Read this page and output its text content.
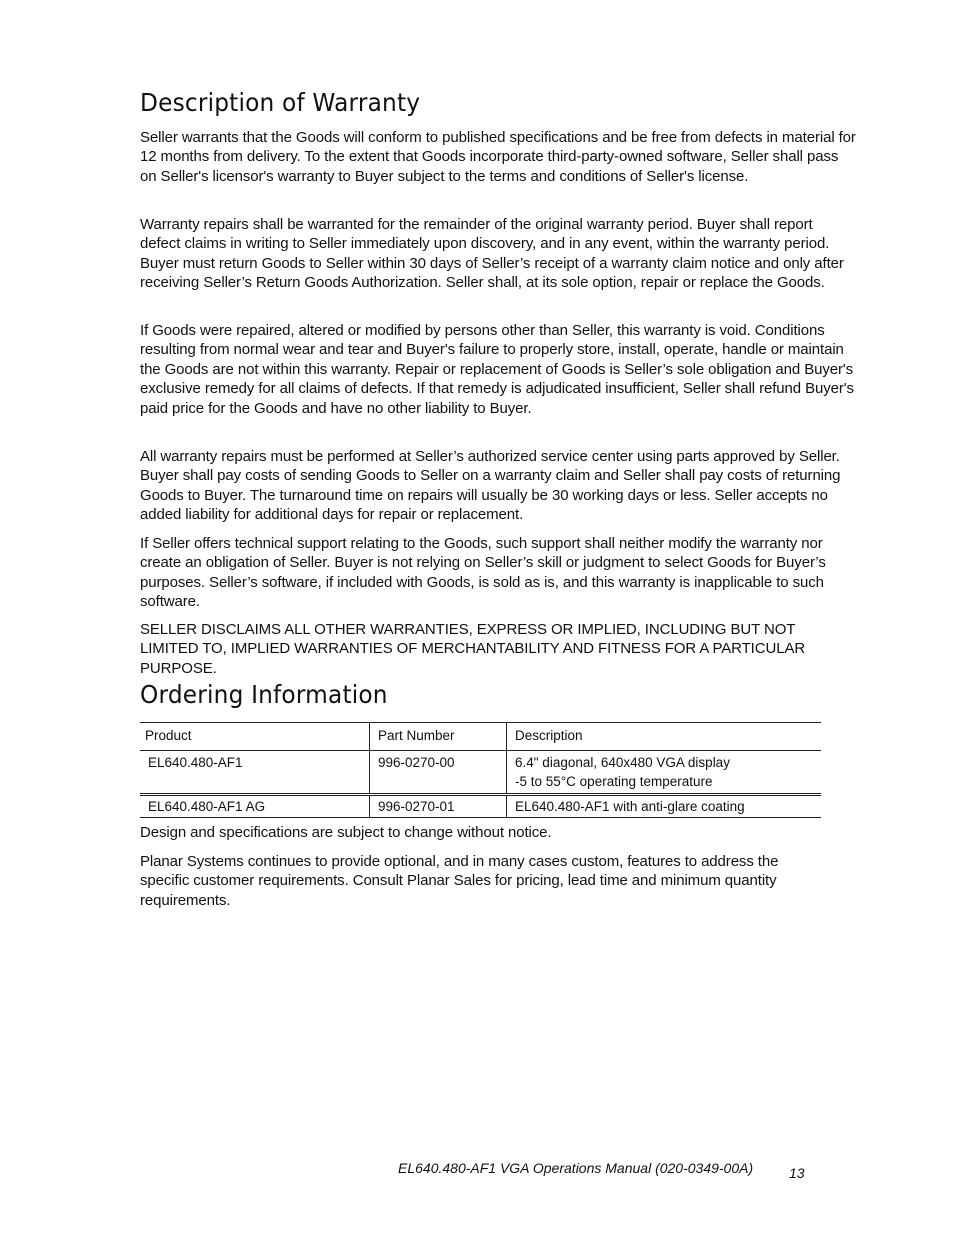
Description of Warranty

Seller warrants that the Goods will conform to published specifications and be free from defects in material for 12 months from delivery. To the extent that Goods incorporate third-party-owned software, Seller shall pass on Seller's licensor's warranty to Buyer subject to the terms and conditions of Seller's license.

Warranty repairs shall be warranted for the remainder of the original warranty period. Buyer shall report defect claims in writing to Seller immediately upon discovery, and in any event, within the warranty period. Buyer must return Goods to Seller within 30 days of Seller’s receipt of a warranty claim notice and only after receiving Seller’s Return Goods Authorization. Seller shall, at its sole option, repair or replace the Goods.

If Goods were repaired, altered or modified by persons other than Seller, this warranty is void. Conditions resulting from normal wear and tear and Buyer's failure to properly store, install, operate, handle or maintain the Goods are not within this warranty. Repair or replacement of Goods is Seller’s sole obligation and Buyer's exclusive remedy for all claims of defects. If that remedy is adjudicated insufficient, Seller shall refund Buyer's paid price for the Goods and have no other liability to Buyer.

All warranty repairs must be performed at Seller’s authorized service center using parts approved by Seller. Buyer shall pay costs of sending Goods to Seller on a warranty claim and Seller shall pay costs of returning Goods to Buyer. The turnaround time on repairs will usually be 30 working days or less. Seller accepts no added liability for additional days for repair or replacement.

If Seller offers technical support relating to the Goods, such support shall neither modify the warranty nor create an obligation of Seller. Buyer is not relying on Seller’s skill or judgment to select Goods for Buyer’s purposes. Seller’s software, if included with Goods, is sold as is, and this warranty is inapplicable to such software.

SELLER DISCLAIMS ALL OTHER WARRANTIES, EXPRESS OR IMPLIED, INCLUDING BUT NOT LIMITED TO, IMPLIED WARRANTIES OF MERCHANTABILITY AND FITNESS FOR A PARTICULAR PURPOSE.

Ordering Information
Product	Part Number	Description
EL640.480-AF1	996-0270-00	6.4" diagonal, 640x480 VGA display
-5 to 55°C operating temperature

EL640.480-AF1 AG	996-0270-01	EL640.480-AF1 with anti-glare coating

Design and specifications are subject to change without notice.

Planar Systems continues to provide optional, and in many cases custom, features to address the specific customer requirements. Consult Planar Sales for pricing, lead time and minimum quantity requirements.

EL640.480-AF1 VGA Operations Manual (020-0349-00A)	13
